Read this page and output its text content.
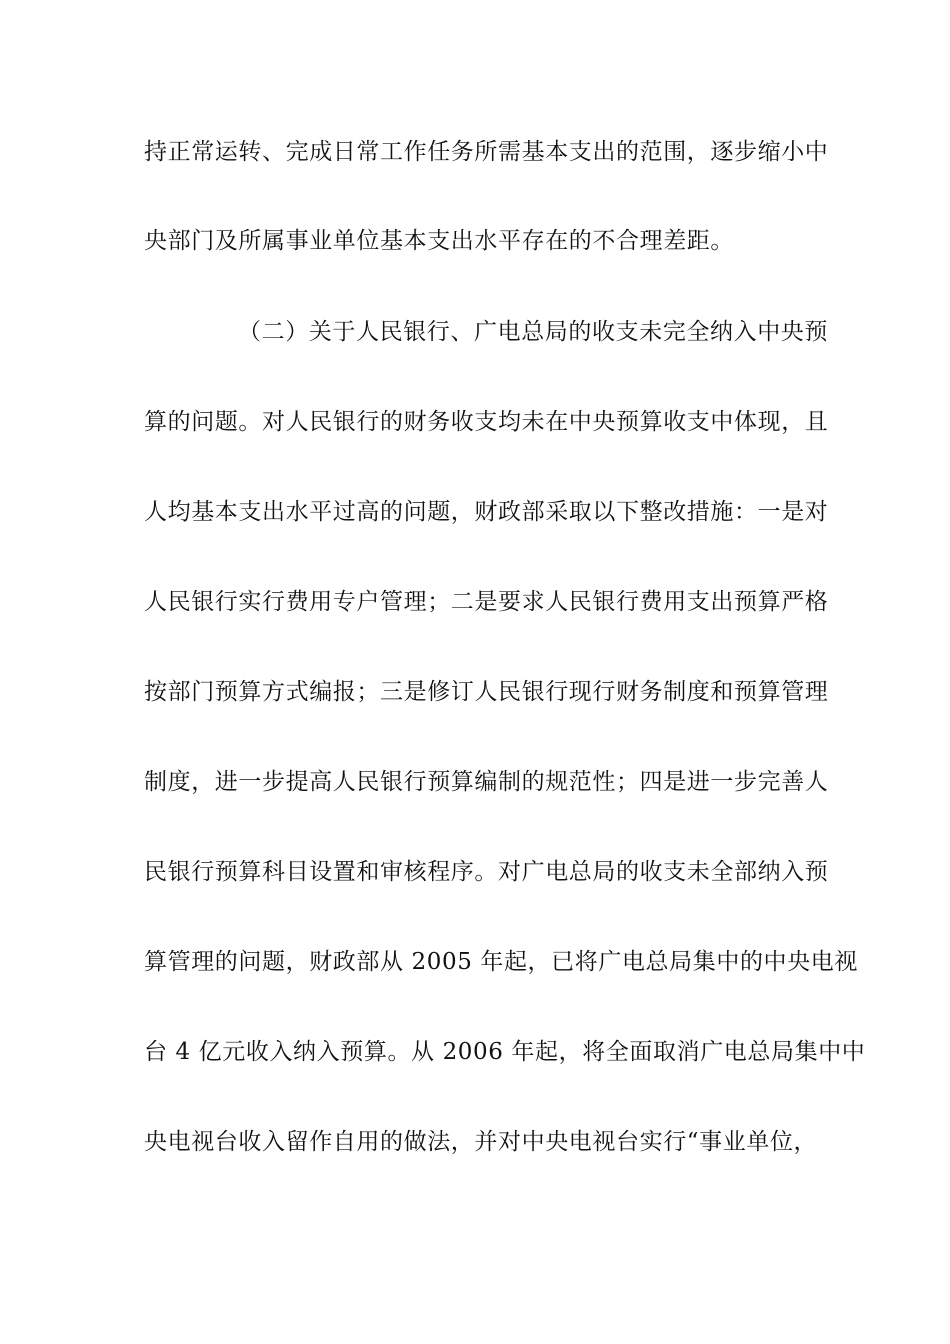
持正常运转、完成日常工作任务所需基本支出的范围，逐步缩小中
央部门及所属事业单位基本支出水平存在的不合理差距。
（二）关于人民银行、广电总局的收支未完全纳入中央预
算的问题。对人民银行的财务收支均未在中央预算收支中体现，且
人均基本支出水平过高的问题，财政部采取以下整改措施：一是对
人民银行实行费用专户管理；二是要求人民银行费用支出预算严格
按部门预算方式编报；三是修订人民银行现行财务制度和预算管理
制度，进一步提高人民银行预算编制的规范性；四是进一步完善人
民银行预算科目设置和审核程序。对广电总局的收支未全部纳入预
算管理的问题，财政部从 2005 年起，已将广电总局集中的中央电视
台 4 亿元收入纳入预算。从 2006 年起，将全面取消广电总局集中中
央电视台收入留作自用的做法，并对中央电视台实行“事业单位，
